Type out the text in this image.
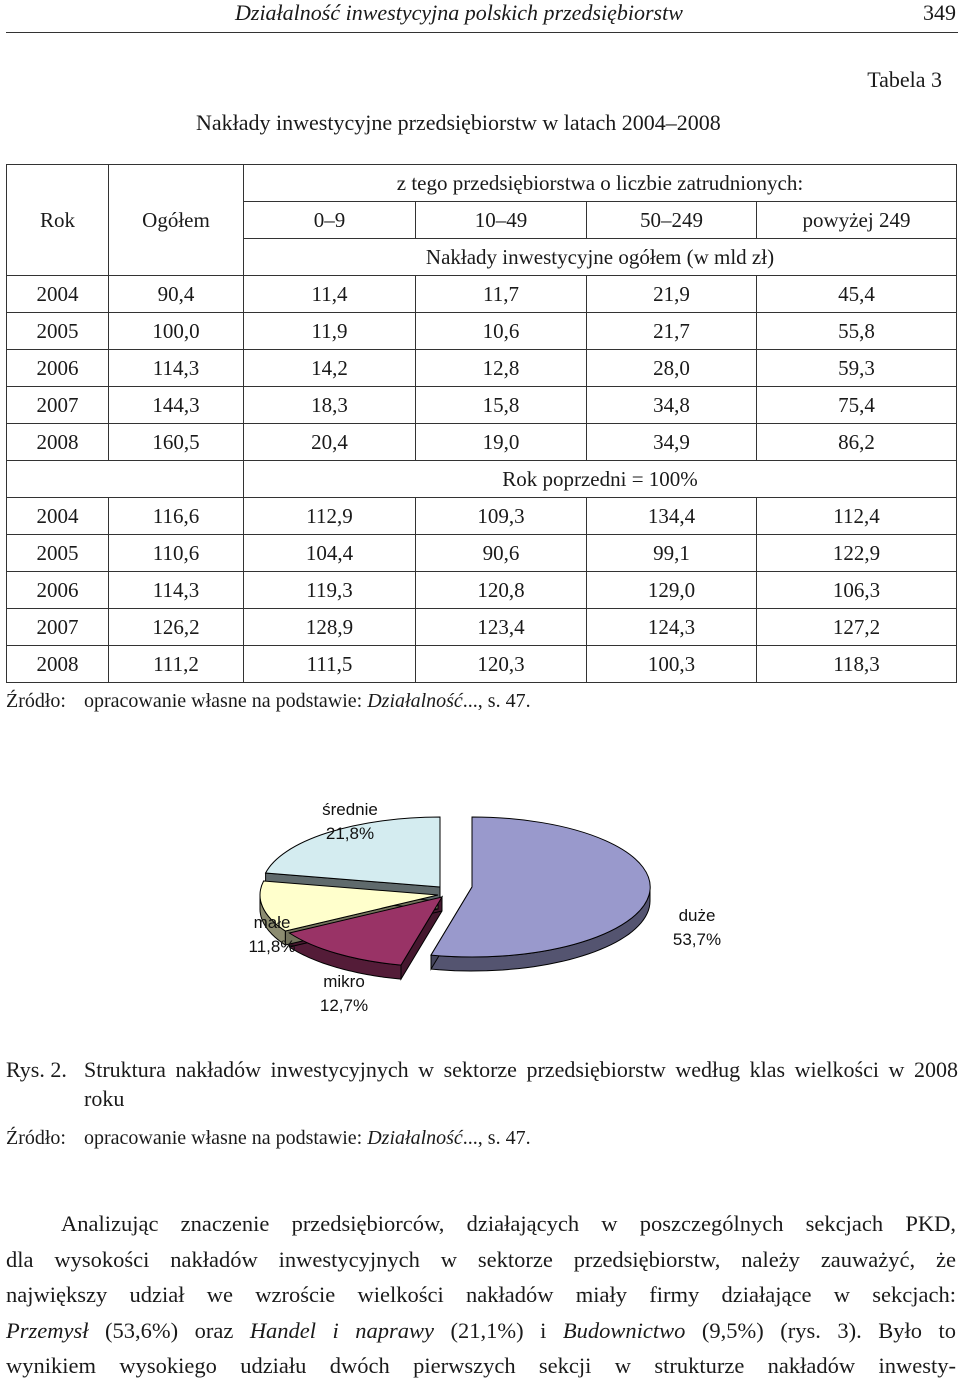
Działalność inwestycyjna polskich przedsiębiorstw	349
Tabela 3
Nakłady inwestycyjne przedsiębiorstw w latach 2004–2008
Rok	Ogółem	z tego przedsiębiorstwa o liczbie zatrudnionych:			
		0–9	10–49	50–249	powyżej 249
		Nakłady inwestycyjne ogółem (w mld zł)			
2004	90,4	11,4	11,7	21,9	45,4
2005	100,0	11,9	10,6	21,7	55,8
2006	114,3	14,2	12,8	28,0	59,3
2007	144,3	18,3	15,8	34,8	75,4
2008	160,5	20,4	19,0	34,9	86,2
		Rok poprzedni = 100%			
2004	116,6	112,9	109,3	134,4	112,4
2005	110,6	104,4	90,6	99,1	122,9
2006	114,3	119,3	120,8	129,0	106,3
2007	126,2	128,9	123,4	124,3	127,2
2008	111,2	111,5	120,3	100,3	118,3
Źródło: opracowanie własne na podstawie: Działalność..., s. 47.
duże
53,7%
mikro
12,7%
małe
11,8%
średnie
21,8%
Rys. 2. Struktura nakładów inwestycyjnych w sektorze przedsiębiorstw według klas wielkości w 2008 roku
Źródło: opracowanie własne na podstawie: Działalność..., s. 47.
Analizując znaczenie przedsiębiorców, działających w poszczególnych sekcjach PKD,
dla wysokości nakładów inwestycyjnych w sektorze przedsiębiorstw, należy zauważyć, że
największy udział we wzroście wielkości nakładów miały firmy działające w sekcjach:
Przemysł (53,6%) oraz Handel i naprawy (21,1%) i Budownictwo (9,5%) (rys. 3). Było to
wynikiem wysokiego udziału dwóch pierwszych sekcji w strukturze nakładów inwesty-
